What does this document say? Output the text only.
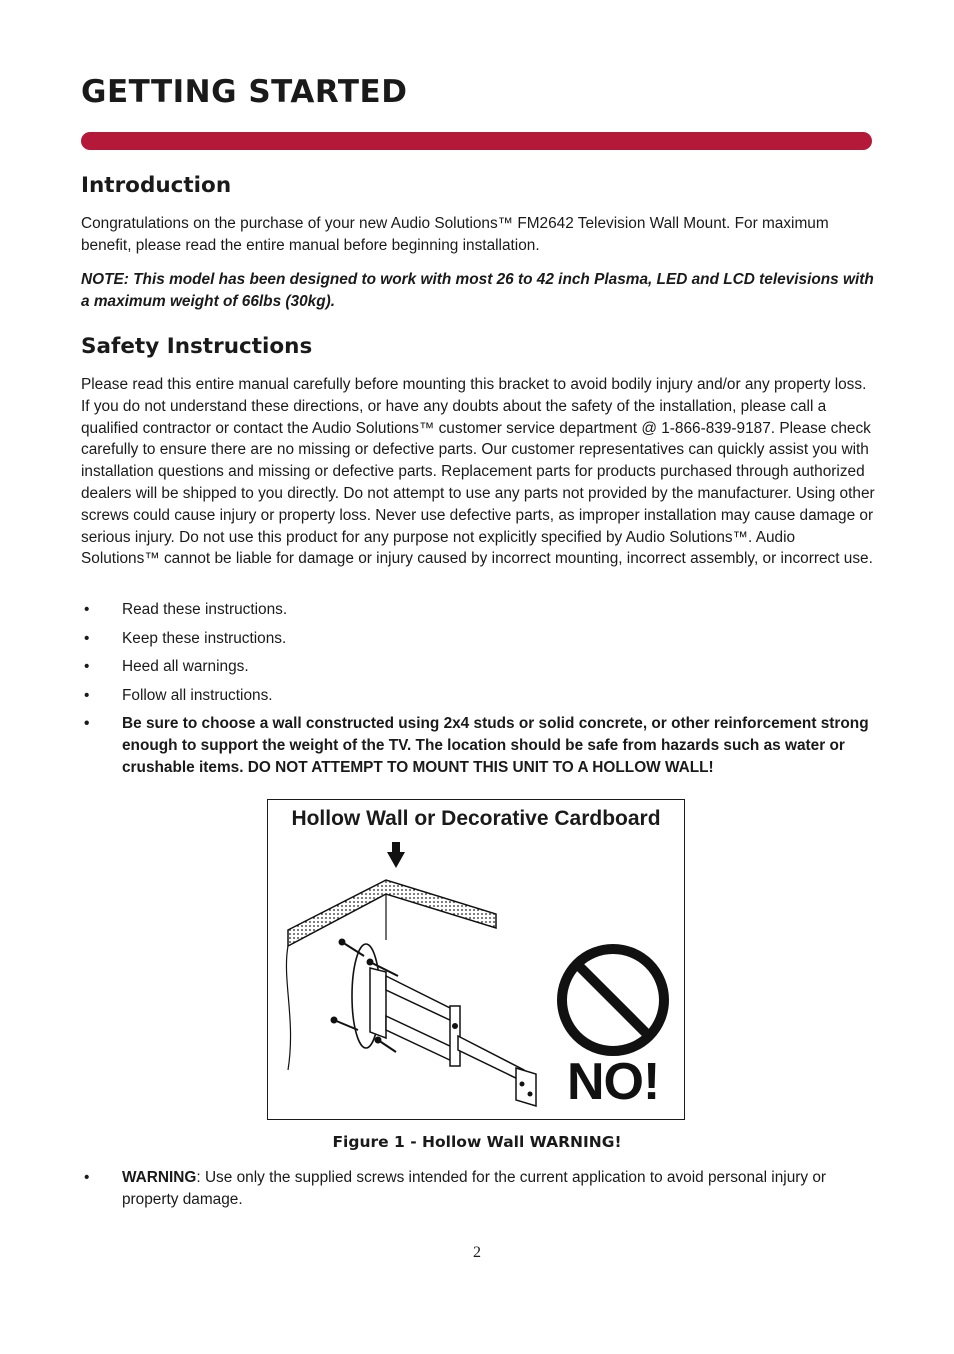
GETTING STARTED
Introduction

Congratulations on the purchase of your new Audio Solutions™ FM2642 Television Wall Mount. For maximum benefit, please read the entire manual before beginning installation.

NOTE: This model has been designed to work with most 26 to 42 inch Plasma, LED and LCD televisions with a maximum weight of 66lbs (30kg).

Safety Instructions

Please read this entire manual carefully before mounting this bracket to avoid bodily injury and/or any property loss. If you do not understand these directions, or have any doubts about the safety of the installation, please call a qualified contractor or contact the Audio Solutions™ customer service department @ 1-866-839-9187. Please check carefully to ensure there are no missing or defective parts. Our customer representatives can quickly assist you with installation questions and missing or defective parts. Replacement parts for products purchased through authorized dealers will be shipped to you directly. Do not attempt to use any parts not provided by the manufacturer. Using other screws could cause injury or property loss. Never use defective parts, as improper installation may cause damage or serious injury. Do not use this product for any purpose not explicitly specified by Audio Solutions™. Audio Solutions™ cannot be liable for damage or injury caused by incorrect mounting, incorrect assembly, or incorrect use.

• Read these instructions.
• Keep these instructions.
• Heed all warnings.
• Follow all instructions.
• Be sure to choose a wall constructed using 2x4 studs or solid concrete, or other reinforcement strong enough to support the weight of the TV. The location should be safe from hazards such as water or crushable items. DO NOT ATTEMPT TO MOUNT THIS UNIT TO A HOLLOW WALL!
Hollow Wall or Decorative Cardboard
NO!
Figure 1 - Hollow Wall WARNING!
• WARNING: Use only the supplied screws intended for the current application to avoid personal injury or property damage.
2
